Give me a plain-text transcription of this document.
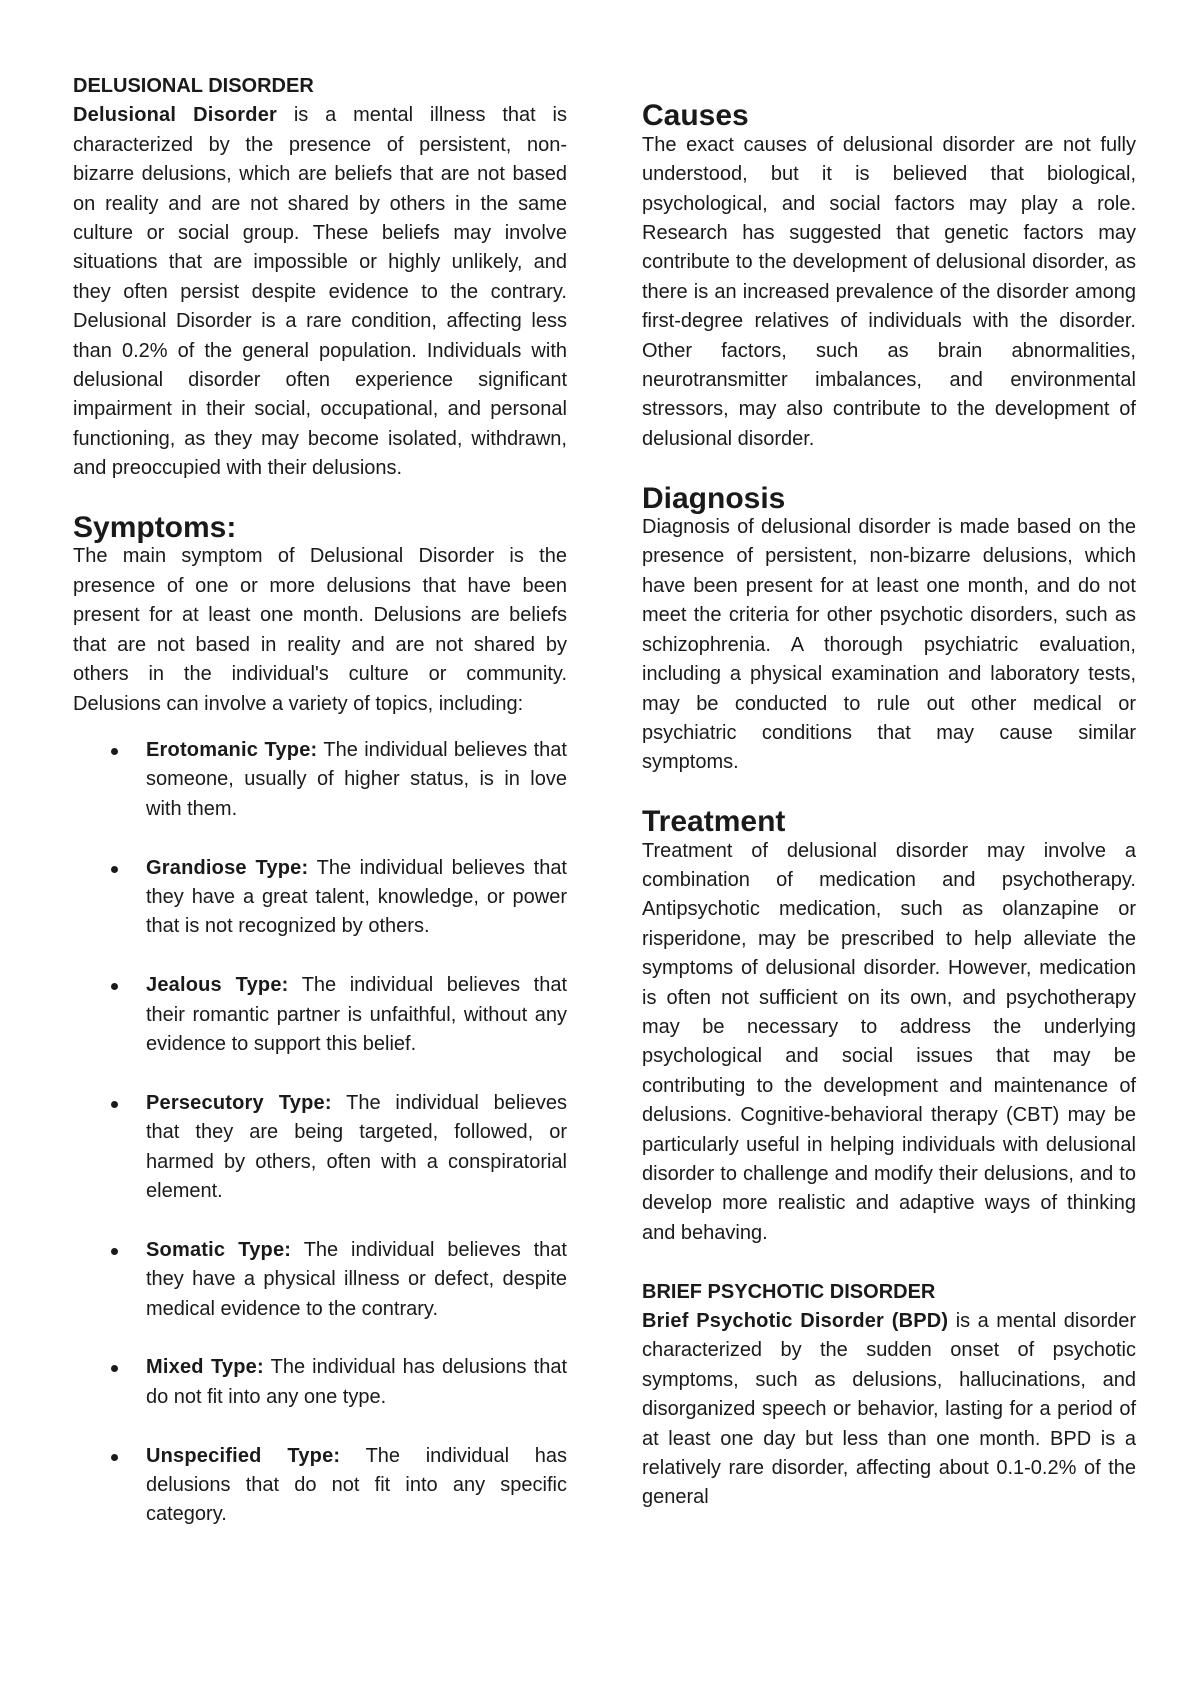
DELUSIONAL DISORDER

Delusional Disorder is a mental illness that is characterized by the presence of persistent, non-bizarre delusions, which are beliefs that are not based on reality and are not shared by others in the same culture or social group. These beliefs may involve situations that are impossible or highly unlikely, and they often persist despite evidence to the contrary. Delusional Disorder is a rare condition, affecting less than 0.2% of the general population. Individuals with delusional disorder often experience significant impairment in their social, occupational, and personal functioning, as they may become isolated, withdrawn, and preoccupied with their delusions.

Symptoms:

The main symptom of Delusional Disorder is the presence of one or more delusions that have been present for at least one month. Delusions are beliefs that are not based in reality and are not shared by others in the individual's culture or community. Delusions can involve a variety of topics, including:

Erotomanic Type: The individual believes that someone, usually of higher status, is in love with them.
Grandiose Type: The individual believes that they have a great talent, knowledge, or power that is not recognized by others.
Jealous Type: The individual believes that their romantic partner is unfaithful, without any evidence to support this belief.
Persecutory Type: The individual believes that they are being targeted, followed, or harmed by others, often with a conspiratorial element.
Somatic Type: The individual believes that they have a physical illness or defect, despite medical evidence to the contrary.
Mixed Type: The individual has delusions that do not fit into any one type.
Unspecified Type: The individual has delusions that do not fit into any specific category.
Causes

The exact causes of delusional disorder are not fully understood, but it is believed that biological, psychological, and social factors may play a role. Research has suggested that genetic factors may contribute to the development of delusional disorder, as there is an increased prevalence of the disorder among first-degree relatives of individuals with the disorder. Other factors, such as brain abnormalities, neurotransmitter imbalances, and environmental stressors, may also contribute to the development of delusional disorder.

Diagnosis

Diagnosis of delusional disorder is made based on the presence of persistent, non-bizarre delusions, which have been present for at least one month, and do not meet the criteria for other psychotic disorders, such as schizophrenia. A thorough psychiatric evaluation, including a physical examination and laboratory tests, may be conducted to rule out other medical or psychiatric conditions that may cause similar symptoms.

Treatment

Treatment of delusional disorder may involve a combination of medication and psychotherapy. Antipsychotic medication, such as olanzapine or risperidone, may be prescribed to help alleviate the symptoms of delusional disorder. However, medication is often not sufficient on its own, and psychotherapy may be necessary to address the underlying psychological and social issues that may be contributing to the development and maintenance of delusions. Cognitive-behavioral therapy (CBT) may be particularly useful in helping individuals with delusional disorder to challenge and modify their delusions, and to develop more realistic and adaptive ways of thinking and behaving.

BRIEF PSYCHOTIC DISORDER

Brief Psychotic Disorder (BPD) is a mental disorder characterized by the sudden onset of psychotic symptoms, such as delusions, hallucinations, and disorganized speech or behavior, lasting for a period of at least one day but less than one month. BPD is a relatively rare disorder, affecting about 0.1-0.2% of the general
